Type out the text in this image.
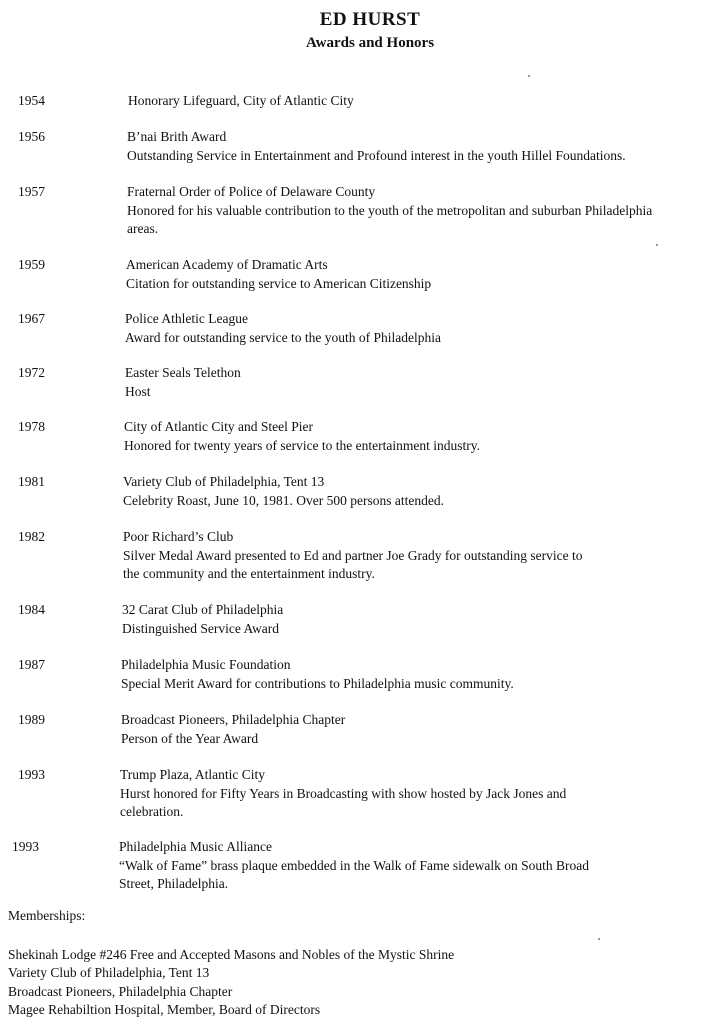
ED HURST
Awards and Honors
1954	Honorary Lifeguard, City of Atlantic City
1956	B’nai Brith Award
Outstanding Service in Entertainment and Profound interest in the youth Hillel Foundations.
1957	Fraternal Order of Police of Delaware County
Honored for his valuable contribution to the youth of the metropolitan and suburban Philadelphia
areas.
1959	American Academy of Dramatic Arts
Citation for outstanding service to American Citizenship
1967	Police Athletic League
Award for outstanding service to the youth of Philadelphia
1972	Easter Seals Telethon
Host
1978	City of Atlantic City and Steel Pier
Honored for twenty years of service to the entertainment industry.
1981	Variety Club of Philadelphia, Tent 13
Celebrity Roast, June 10, 1981. Over 500 persons attended.
1982	Poor Richard’s Club
Silver Medal Award presented to Ed and partner Joe Grady for outstanding service to
the community and the entertainment industry.
1984	32 Carat Club of Philadelphia
Distinguished Service Award
1987	Philadelphia Music Foundation
Special Merit Award for contributions to Philadelphia music community.
1989	Broadcast Pioneers, Philadelphia Chapter
Person of the Year Award
1993	Trump Plaza, Atlantic City
Hurst honored for Fifty Years in Broadcasting with show hosted by Jack Jones and
celebration.
1993	Philadelphia Music Alliance
“Walk of Fame” brass plaque embedded in the Walk of Fame sidewalk on South Broad
Street, Philadelphia.
Memberships:
Shekinah Lodge #246 Free and Accepted Masons and Nobles of the Mystic Shrine
Variety Club of Philadelphia, Tent 13
Broadcast Pioneers, Philadelphia Chapter
Magee Rehabiltion Hospital, Member, Board of Directors
